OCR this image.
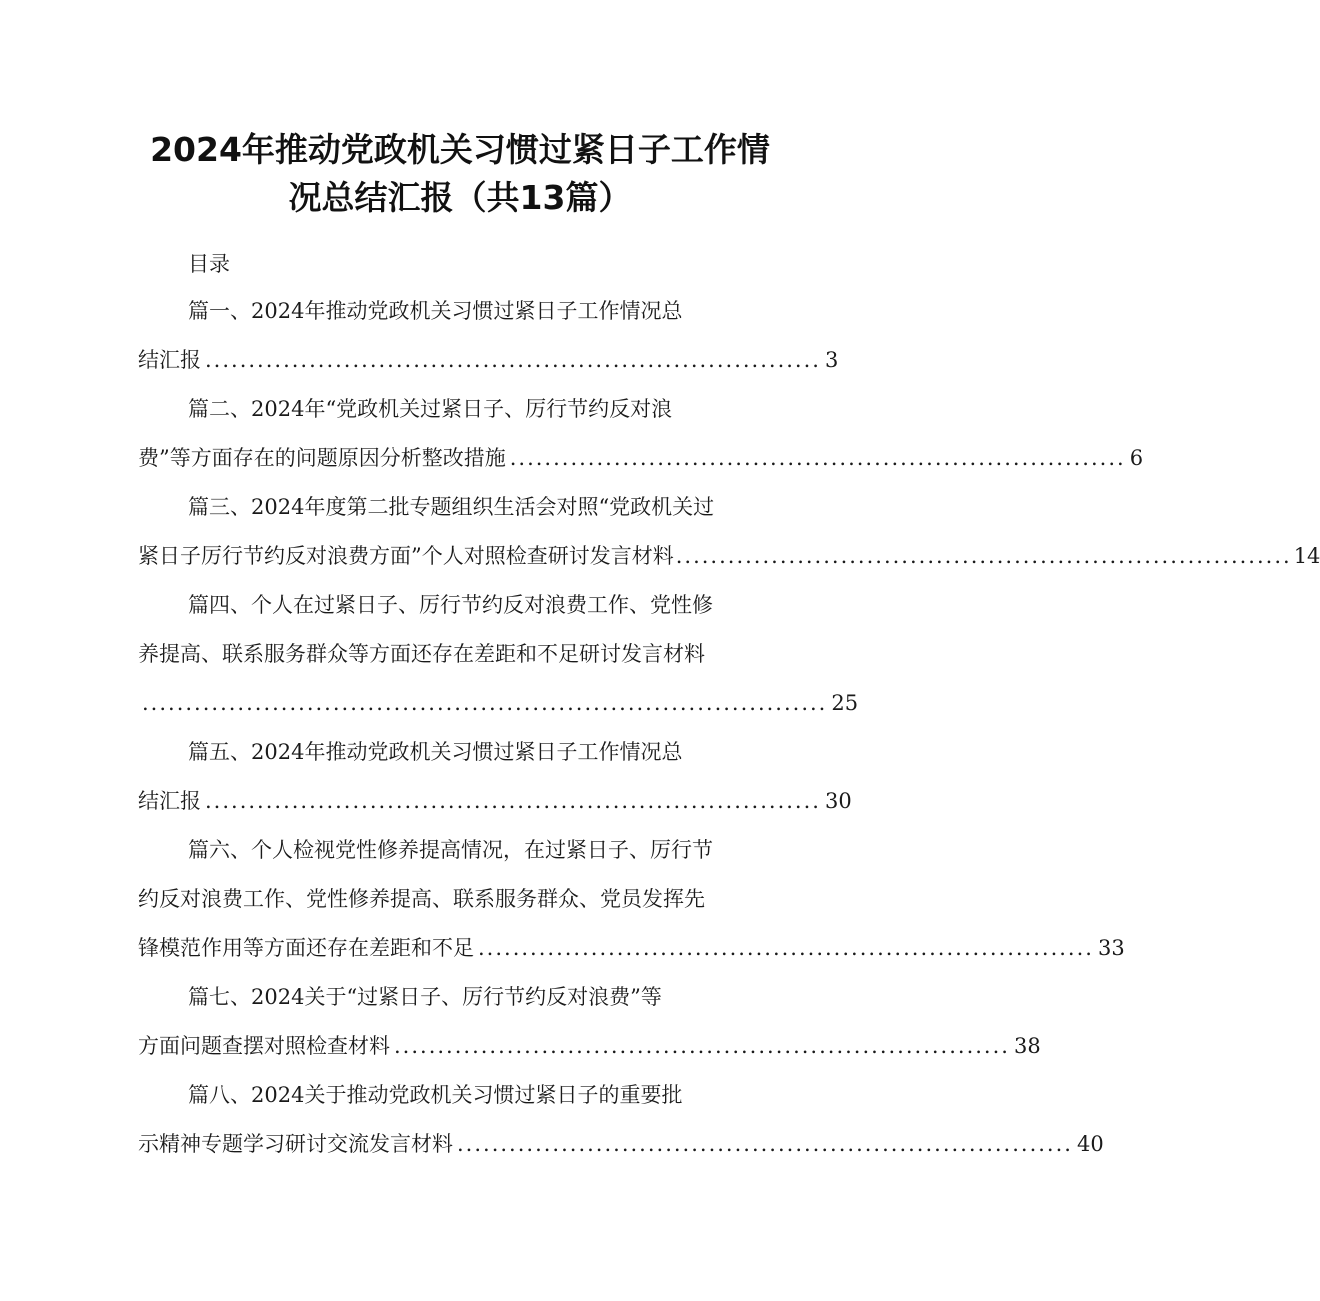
2024年推动党政机关习惯过紧日子工作情
况总结汇报（共13篇）
目录
篇一、2024年推动党政机关习惯过紧日子工作情况总
结汇报 ....................................................................... 3
篇二、2024年“党政机关过紧日子、厉行节约反对浪
费”等方面存在的问题原因分析整改措施 ....................................................................... 6
篇三、2024年度第二批专题组织生活会对照“党政机关过
紧日子厉行节约反对浪费方面”个人对照检查研讨发言材料 ....................................................................... 14
篇四、个人在过紧日子、厉行节约反对浪费工作、党性修
养提高、联系服务群众等方面还存在差距和不足研讨发言材料
............................................................................... 25
篇五、2024年推动党政机关习惯过紧日子工作情况总
结汇报 ....................................................................... 30
篇六、个人检视党性修养提高情况，在过紧日子、厉行节
约反对浪费工作、党性修养提高、联系服务群众、党员发挥先
锋模范作用等方面还存在差距和不足 ....................................................................... 33
篇七、2024关于“过紧日子、厉行节约反对浪费”等
方面问题查摆对照检查材料 ....................................................................... 38
篇八、2024关于推动党政机关习惯过紧日子的重要批
示精神专题学习研讨交流发言材料 ....................................................................... 40
